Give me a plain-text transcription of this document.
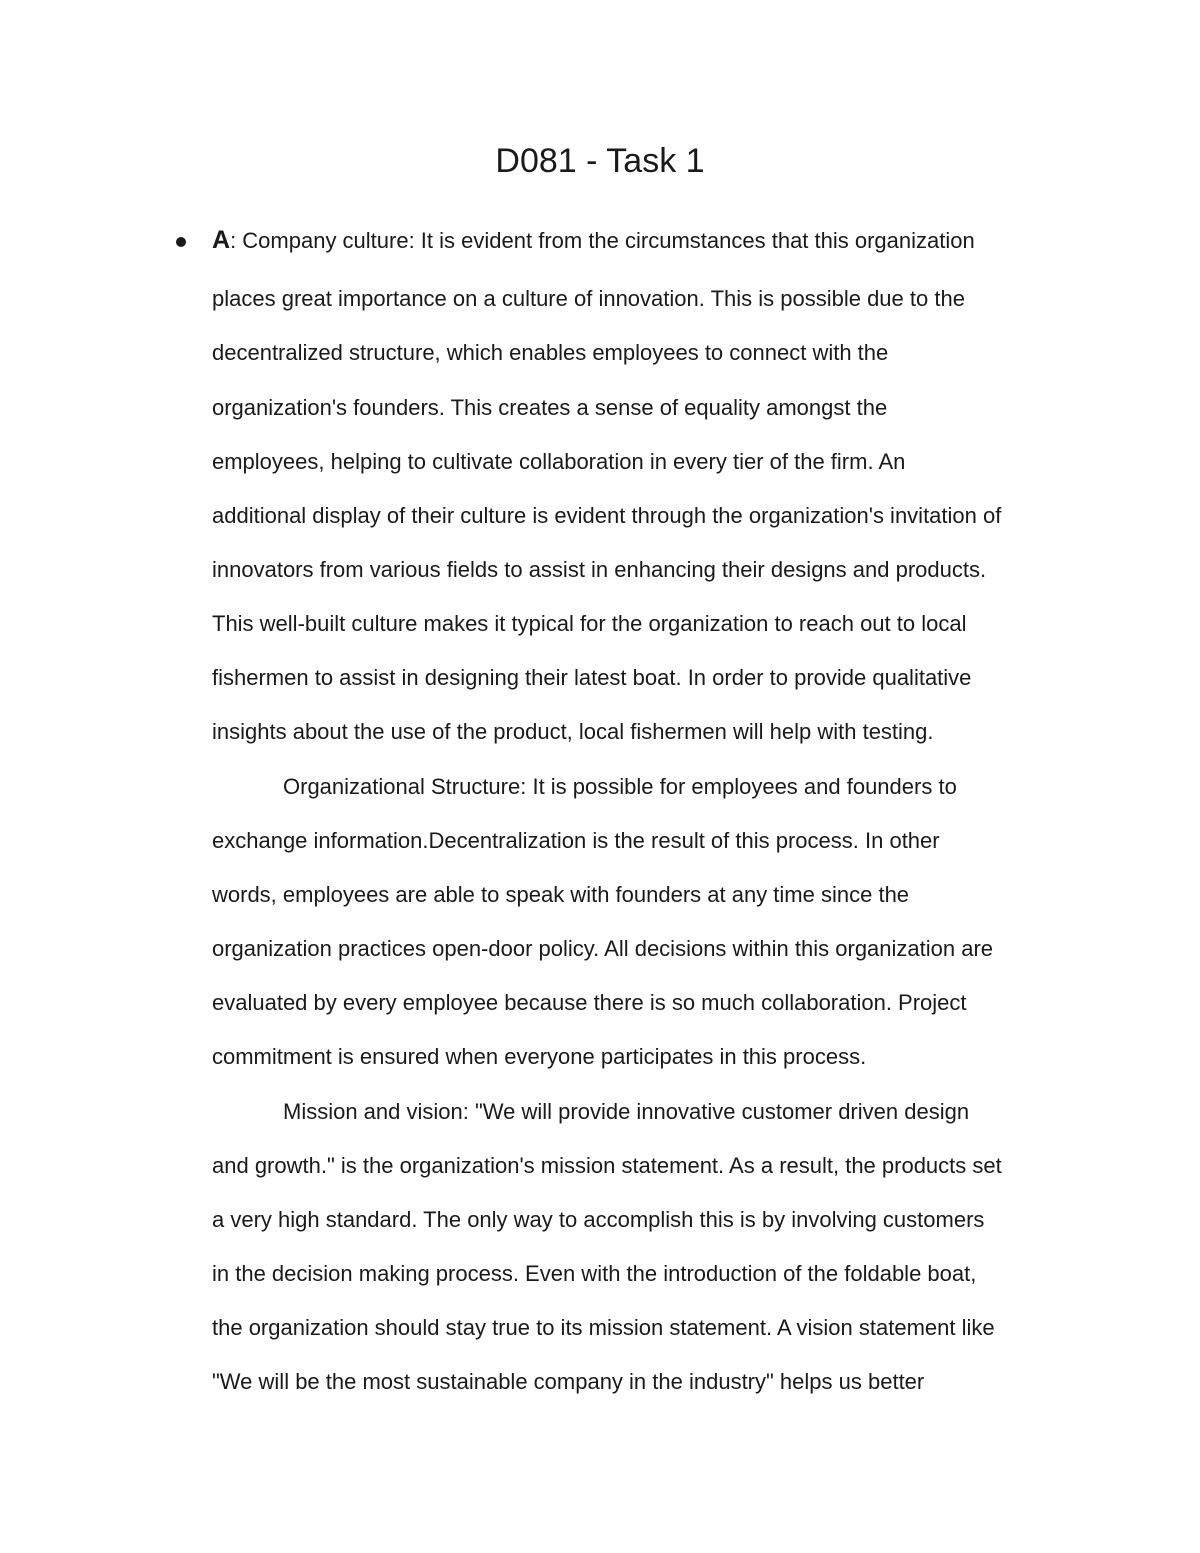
D081 - Task 1
A: Company culture: It is evident from the circumstances that this organization
places great importance on a culture of innovation. This is possible due to the
decentralized structure, which enables employees to connect with the
organization's founders. This creates a sense of equality amongst the
employees, helping to cultivate collaboration in every tier of the firm. An
additional display of their culture is evident through the organization's invitation of
innovators from various fields to assist in enhancing their designs and products.
This well-built culture makes it typical for the organization to reach out to local
fishermen to assist in designing their latest boat. In order to provide qualitative
insights about the use of the product, local fishermen will help with testing.
Organizational Structure: It is possible for employees and founders to
exchange information.Decentralization is the result of this process. In other
words, employees are able to speak with founders at any time since the
organization practices open-door policy. All decisions within this organization are
evaluated by every employee because there is so much collaboration. Project
commitment is ensured when everyone participates in this process.
Mission and vision: "We will provide innovative customer driven design
and growth." is the organization's mission statement. As a result, the products set
a very high standard. The only way to accomplish this is by involving customers
in the decision making process. Even with the introduction of the foldable boat,
the organization should stay true to its mission statement. A vision statement like
"We will be the most sustainable company in the industry" helps us better
